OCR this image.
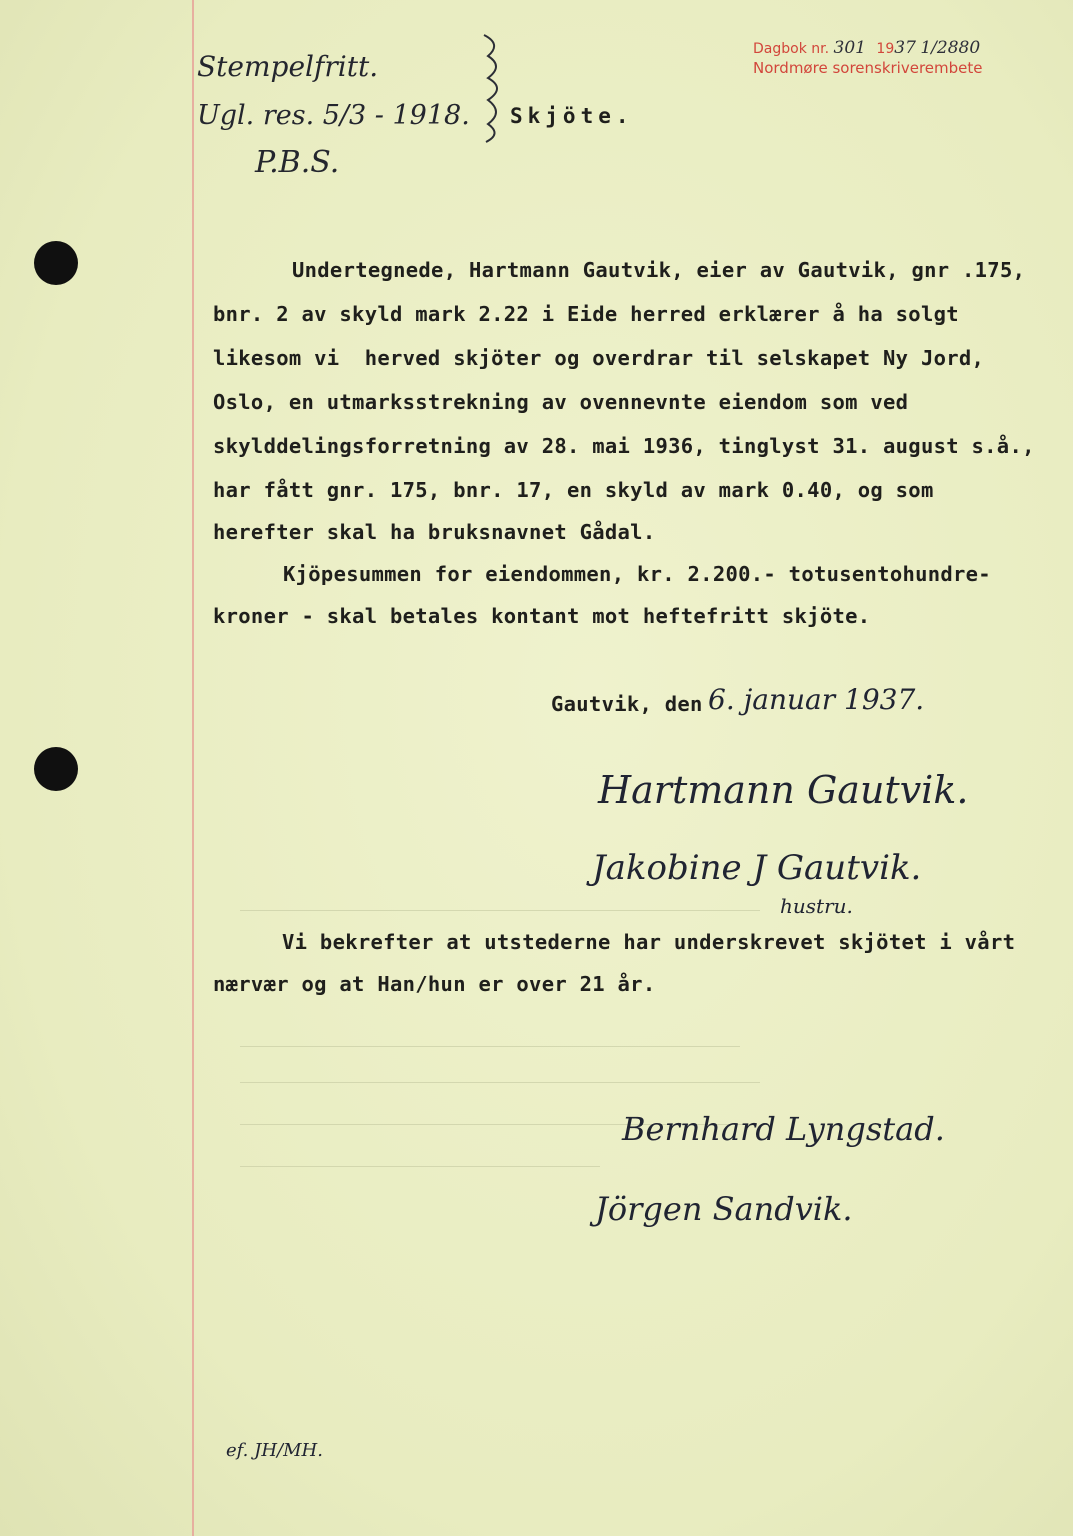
Dagbok nr. 301 1937 1/2880
Nordmøre sorenskriverembete
Stempelfritt.
Ugl. res. 5/3 - 1918.
P.B.S.
Skjöte.
Undertegnede, Hartmann Gautvik, eier av Gautvik, gnr .175,
bnr. 2 av skyld mark 2.22 i Eide herred erklærer å ha solgt
likesom vi  herved skjöter og overdrar til selskapet Ny Jord,
Oslo, en utmarksstrekning av ovennevnte eiendom som ved
skylddelingsforretning av 28. mai 1936, tinglyst 31. august s.å.,
har fått gnr. 175, bnr. 17, en skyld av mark 0.40, og som
herefter skal ha bruksnavnet Gådal.
Kjöpesummen for eiendommen, kr. 2.200.- totusentohundre-
kroner - skal betales kontant mot heftefritt skjöte.
Gautvik, den 6. januar 1937.
Hartmann Gautvik.
Jakobine J Gautvik.
hustru.
Vi bekrefter at utstederne har underskrevet skjötet i vårt
nærvær og at Han/hun er over 21 år.
Bernhard Lyngstad.
Jörgen Sandvik.
ef. JH/MH.
